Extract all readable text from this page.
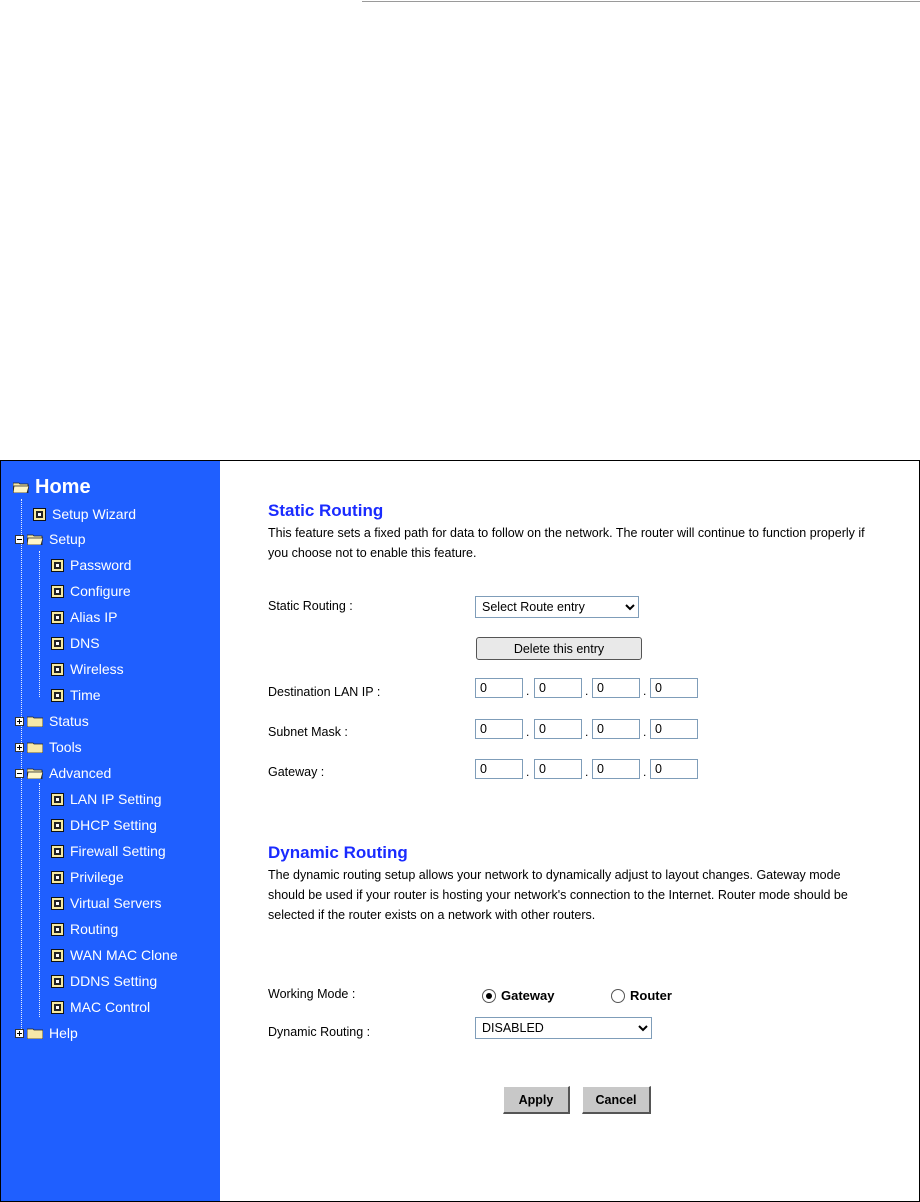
Home
Setup Wizard
Setup
Password
Configure
Alias IP
DNS
Wireless
Time
Status
Tools
Advanced
LAN IP Setting
DHCP Setting
Firewall Setting
Privilege
Virtual Servers
Routing
WAN MAC Clone
DDNS Setting
MAC Control
Help
Static Routing
This feature sets a fixed path for data to follow on the network. The router will continue to function properly if you choose not to enable this feature.
Static Routing :
Select Route entry
Delete this entry
Destination LAN IP :
0	.
0	.
0	.
0
Subnet Mask :
0	.
0	.
0	.
0
Gateway :
0	.
0	.
0	.
0
Dynamic Routing
The dynamic routing setup allows your network to dynamically adjust to layout changes. Gateway mode should be used if your router is hosting your network's connection to the Internet. Router mode should be selected if the router exists on a network with other routers.
Working Mode :	Gateway	Router
Dynamic Routing :
DISABLED
Apply	Cancel
